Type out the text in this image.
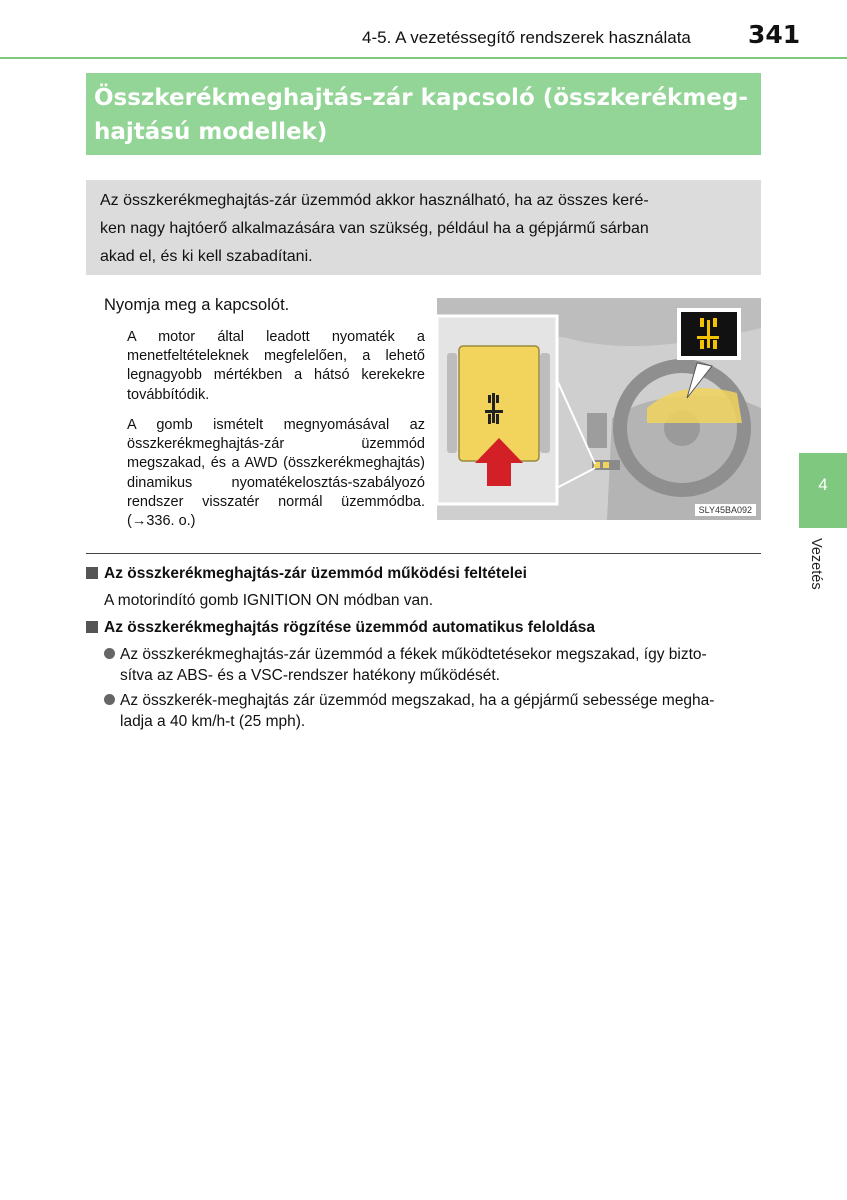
4-5. A vezetéssegítő rendszerek használata 341
Összkerékmeghajtás-zár kapcsoló (összkerékmeg-
hajtású modellek)
Az összkerékmeghajtás-zár üzemmód akkor használható, ha az összes keré-
ken nagy hajtóerő alkalmazására van szükség, például ha a gépjármű sárban
akad el, és ki kell szabadítani.
Nyomja meg a kapcsolót.
A motor által leadott nyomaték a menetfeltételeknek megfelelően, a lehető legnagyobb mértékben a hátsó kerekekre továbbítódik.
A gomb ismételt megnyomásával az összkerékmeghajtás-zár üzemmód megszakad, és a AWD (összkerékmeghajtás) dinamikus nyomatékelosztás-szabályozó rendszer visszatér normál üzemmódba. (→336. o.)
SLY45BA092
Az összkerékmeghajtás-zár üzemmód működési feltételei
A motorindító gomb IGNITION ON módban van.
Az összkerékmeghajtás rögzítése üzemmód automatikus feloldása
Az összkerékmeghajtás-zár üzemmód a fékek működtetésekor megszakad, így bizto-
sítva az ABS- és a VSC-rendszer hatékony működését.
Az összkerék-meghajtás zár üzemmód megszakad, ha a gépjármű sebessége megha-
ladja a 40 km/h-t (25 mph).
4
Vezetés
